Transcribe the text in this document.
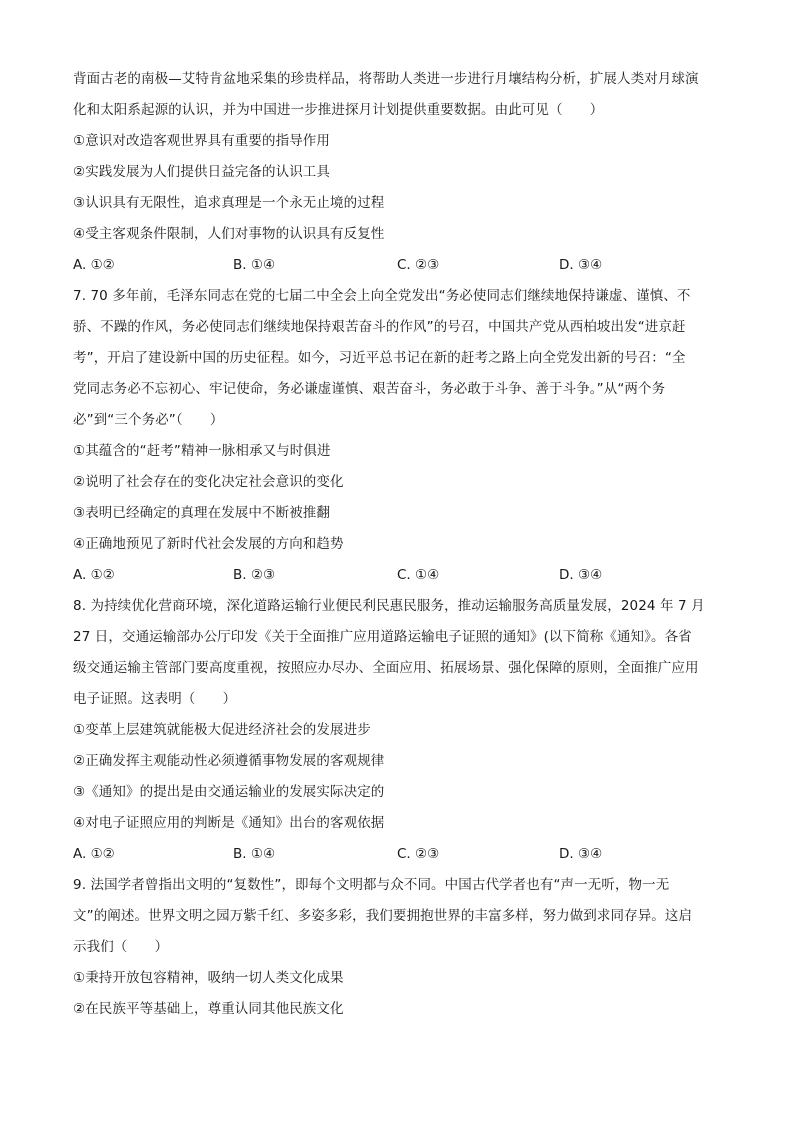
背面古老的南极—艾特肯盆地采集的珍贵样品，将帮助人类进一步进行月壤结构分析，扩展人类对月球演
化和太阳系起源的认识，并为中国进一步推进探月计划提供重要数据。由此可见（　　）
①意识对改造客观世界具有重要的指导作用
②实践发展为人们提供日益完备的认识工具
③认识具有无限性，追求真理是一个永无止境的过程
④受主客观条件限制，人们对事物的认识具有反复性
A. ①②	B. ①④	C. ②③	D. ③④
7. 70 多年前，毛泽东同志在党的七届二中全会上向全党发出“务必使同志们继续地保持谦虚、谨慎、不
骄、不躁的作风，务必使同志们继续地保持艰苦奋斗的作风”的号召，中国共产党从西柏坡出发“进京赶
考”，开启了建设新中国的历史征程。如今，习近平总书记在新的赶考之路上向全党发出新的号召：“全
党同志务必不忘初心、牢记使命，务必谦虚谨慎、艰苦奋斗，务必敢于斗争、善于斗争。”从“两个务
必”到“三个务必”（　　）
①其蕴含的“赶考”精神一脉相承又与时俱进
②说明了社会存在的变化决定社会意识的变化
③表明已经确定的真理在发展中不断被推翻
④正确地预见了新时代社会发展的方向和趋势
A. ①②	B. ②③	C. ①④	D. ③④
8. 为持续优化营商环境，深化道路运输行业便民利民惠民服务，推动运输服务高质量发展，2024 年 7 月
27 日，交通运输部办公厅印发《关于全面推广应用道路运输电子证照的通知》(以下简称《通知》。各省
级交通运输主管部门要高度重视，按照应办尽办、全面应用、拓展场景、强化保障的原则，全面推广应用
电子证照。这表明（　　）
①变革上层建筑就能极大促进经济社会的发展进步
②正确发挥主观能动性必须遵循事物发展的客观规律
③《通知》的提出是由交通运输业的发展实际决定的
④对电子证照应用的判断是《通知》出台的客观依据
A. ①②	B. ①④	C. ②③	D. ③④
9. 法国学者曾指出文明的“复数性”，即每个文明都与众不同。中国古代学者也有“声一无听，物一无
文”的阐述。世界文明之园万紫千红、多姿多彩，我们要拥抱世界的丰富多样，努力做到求同存异。这启
示我们（　　）
①秉持开放包容精神，吸纳一切人类文化成果
②在民族平等基础上，尊重认同其他民族文化
